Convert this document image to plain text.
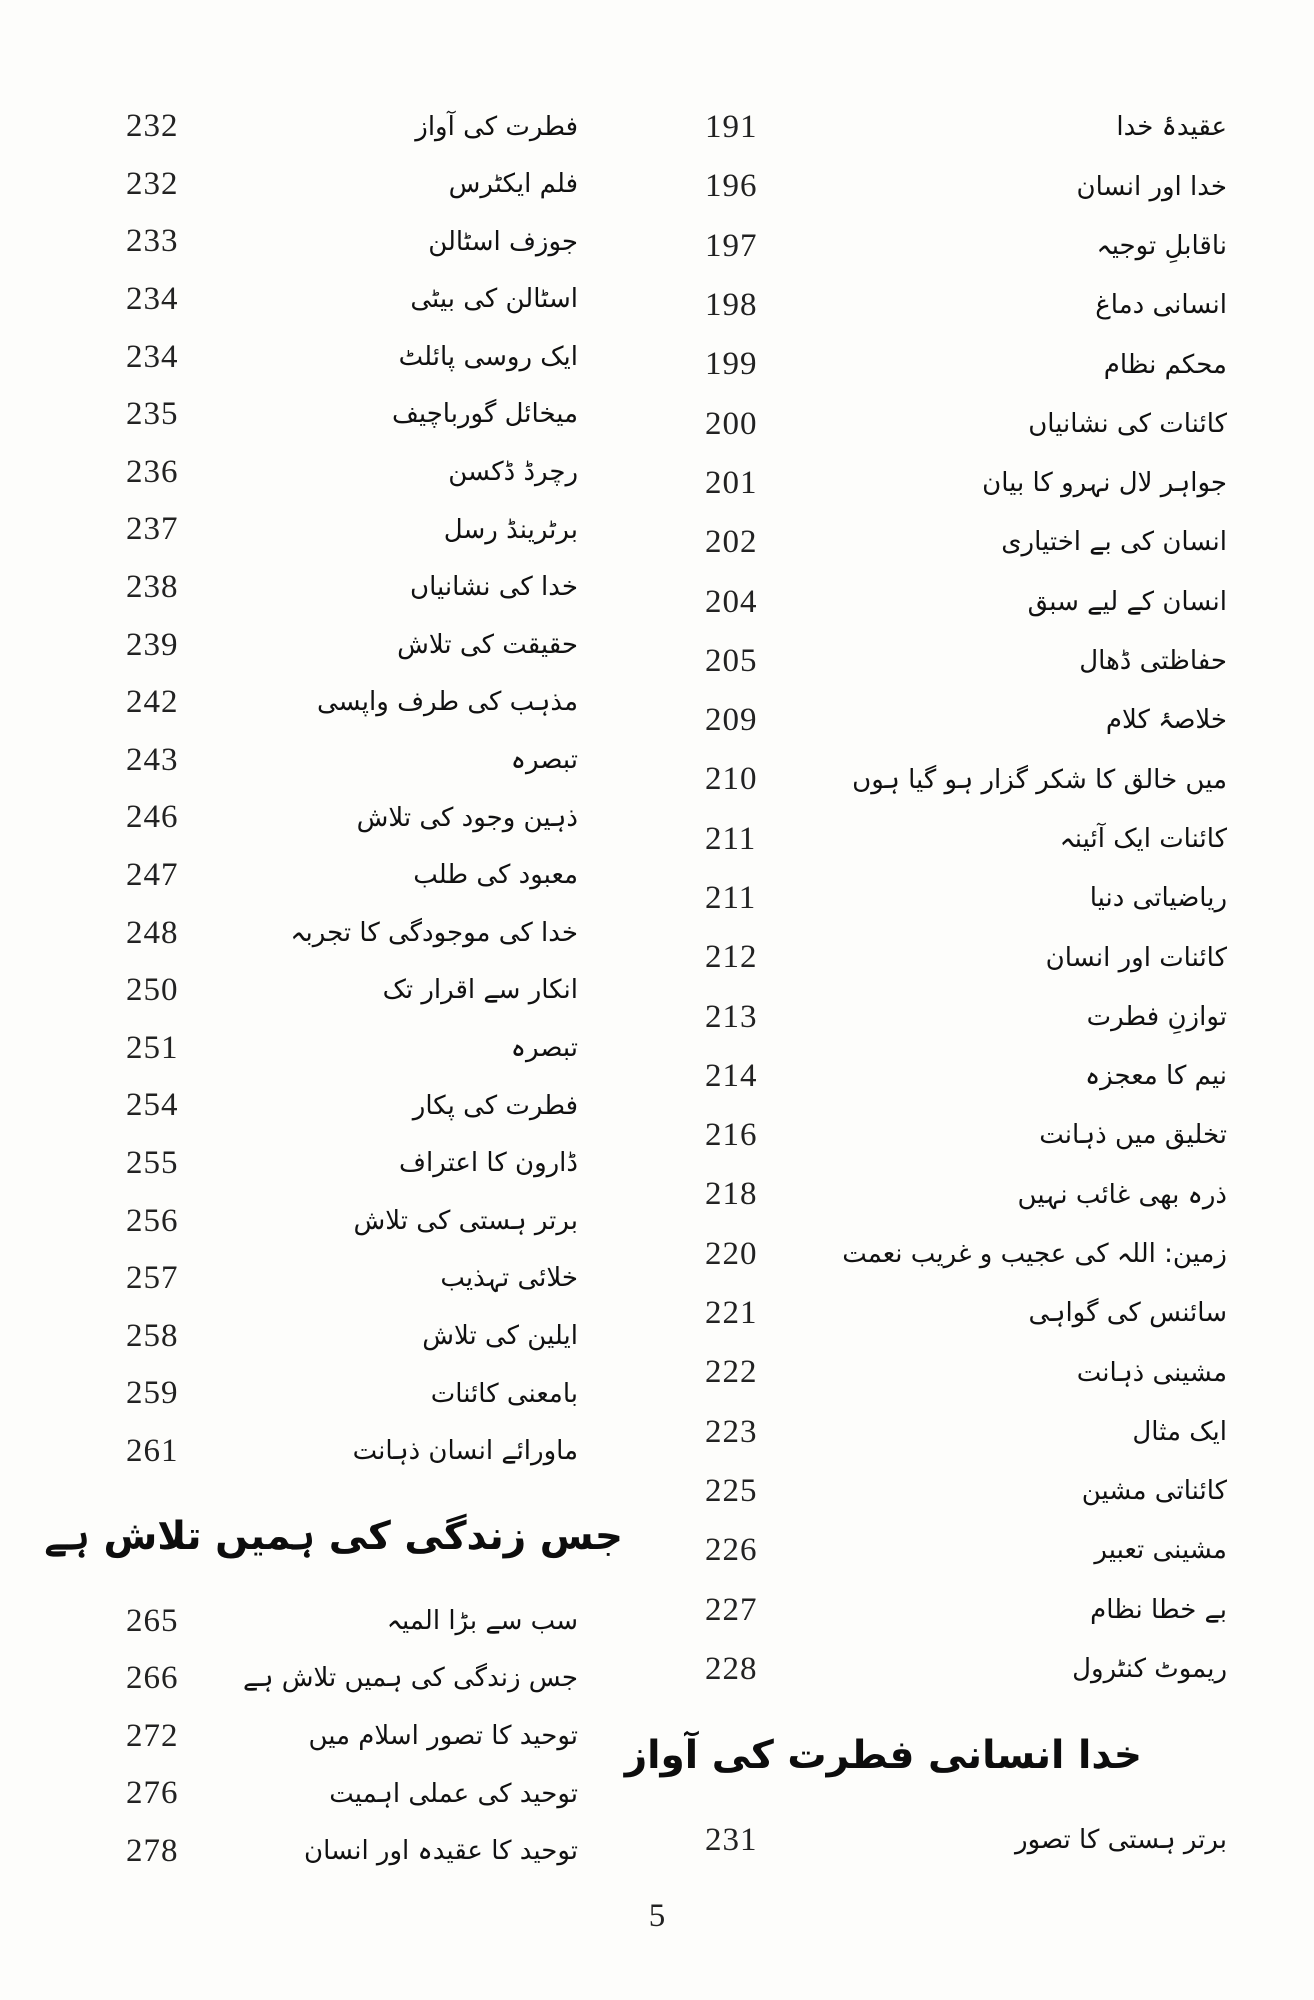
232	فطرت کی آواز
232	فلم ایکٹرس
233	جوزف اسٹالن
234	اسٹالن کی بیٹی
234	ایک روسی پائلٹ
235	میخائل گورباچیف
236	رچرڈ ڈکسن
237	برٹرینڈ رسل
238	خدا کی نشانیاں
239	حقیقت کی تلاش
242	مذہب کی طرف واپسی
243	تبصرہ
246	ذہین وجود کی تلاش
247	معبود کی طلب
248	خدا کی موجودگی کا تجربہ
250	انکار سے اقرار تک
251	تبصرہ
254	فطرت کی پکار
255	ڈارون کا اعتراف
256	برتر ہستی کی تلاش
257	خلائی تہذیب
258	ایلین کی تلاش
259	بامعنی کائنات
261	ماورائے انسان ذہانت
جس زندگی کی ہمیں تلاش ہے
265	سب سے بڑا المیہ
266 جس زندگی کی ہمیں تلاش ہے
272	توحید کا تصور اسلام میں
276	توحید کی عملی اہمیت
278	توحید کا عقیدہ اور انسان
191	عقیدۂ خدا
196	خدا اور انسان
197	ناقابلِ توجیہ
198	انسانی دماغ
199	محکم نظام
200	کائنات کی نشانیاں
201	جواہر لال نہرو کا بیان
202	انسان کی بے اختیاری
204	انسان کے لیے سبق
205	حفاظتی ڈھال
209	خلاصۂ کلام
210	میں خالق کا شکر گزار ہو گیا ہوں
211	کائنات ایک آئینہ
211	ریاضیاتی دنیا
212	کائنات اور انسان
213	توازنِ فطرت
214	نیم کا معجزہ
216	تخلیق میں ذہانت
218	ذرہ بھی غائب نہیں
220	زمین: اللہ کی عجیب و غریب نعمت
221	سائنس کی گواہی
222	مشینی ذہانت
223	ایک مثال
225	کائناتی مشین
226	مشینی تعبیر
227	بے خطا نظام
228	ریموٹ کنٹرول
خدا انسانی فطرت کی آواز
231	برتر ہستی کا تصور
5
